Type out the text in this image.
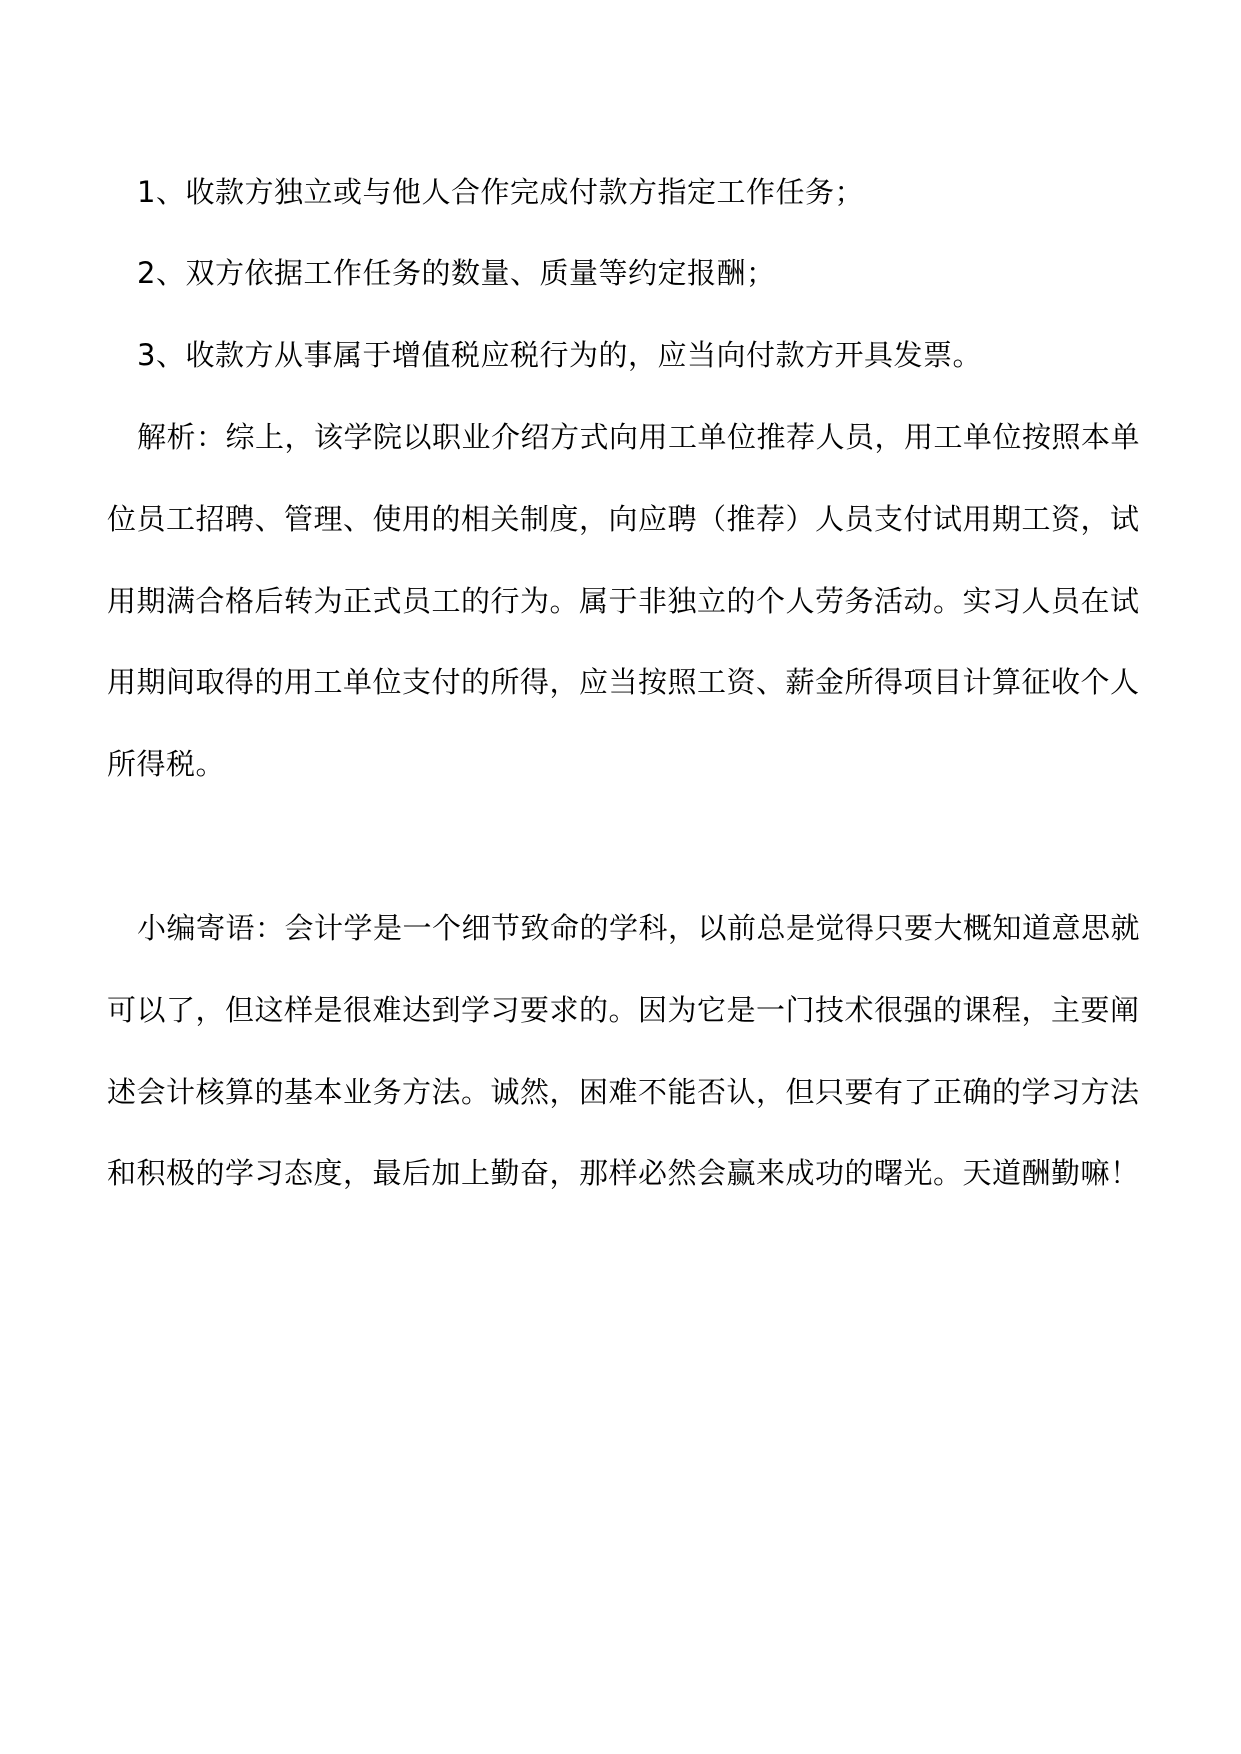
1、收款方独立或与他人合作完成付款方指定工作任务；
2、双方依据工作任务的数量、质量等约定报酬；
3、收款方从事属于增值税应税行为的，应当向付款方开具发票。
解析：综上，该学院以职业介绍方式向用工单位推荐人员，用工单位按照本单
位员工招聘、管理、使用的相关制度，向应聘（推荐）人员支付试用期工资，试
用期满合格后转为正式员工的行为。属于非独立的个人劳务活动。实习人员在试
用期间取得的用工单位支付的所得，应当按照工资、薪金所得项目计算征收个人
所得税。
小编寄语：会计学是一个细节致命的学科，以前总是觉得只要大概知道意思就
可以了，但这样是很难达到学习要求的。因为它是一门技术很强的课程，主要阐
述会计核算的基本业务方法。诚然，困难不能否认，但只要有了正确的学习方法
和积极的学习态度，最后加上勤奋，那样必然会赢来成功的曙光。天道酬勤嘛！
